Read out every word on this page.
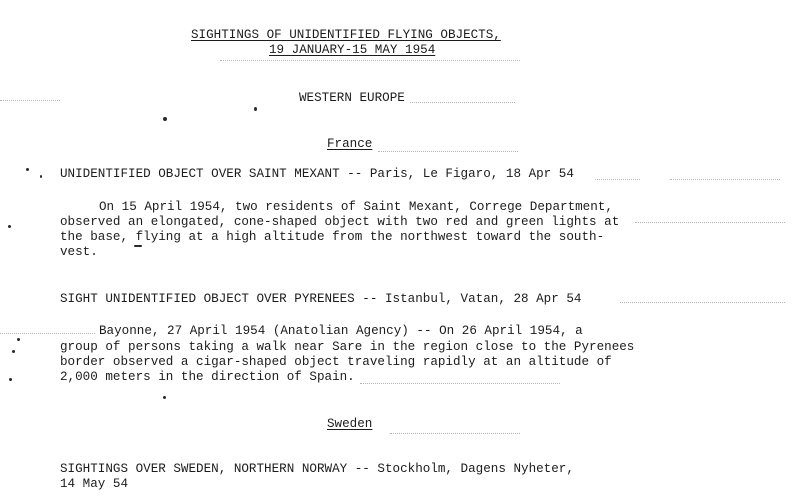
SIGHTINGS OF UNIDENTIFIED FLYING OBJECTS,
19 JANUARY-15 MAY 1954
WESTERN EUROPE
France
UNIDENTIFIED OBJECT OVER SAINT MEXANT -- Paris, Le Figaro, 18 Apr 54
On 15 April 1954, two residents of Saint Mexant, Correge Department,
observed an elongated, cone-shaped object with two red and green lights at
the base, flying at a high altitude from the northwest toward the south-
vest.
SIGHT UNIDENTIFIED OBJECT OVER PYRENEES -- Istanbul, Vatan, 28 Apr 54
Bayonne, 27 April 1954 (Anatolian Agency) -- On 26 April 1954, a
group of persons taking a walk near Sare in the region close to the Pyrenees
border observed a cigar-shaped object traveling rapidly at an altitude of
2,000 meters in the direction of Spain.
Sweden
SIGHTINGS OVER SWEDEN, NORTHERN NORWAY -- Stockholm, Dagens Nyheter,
14 May 54
